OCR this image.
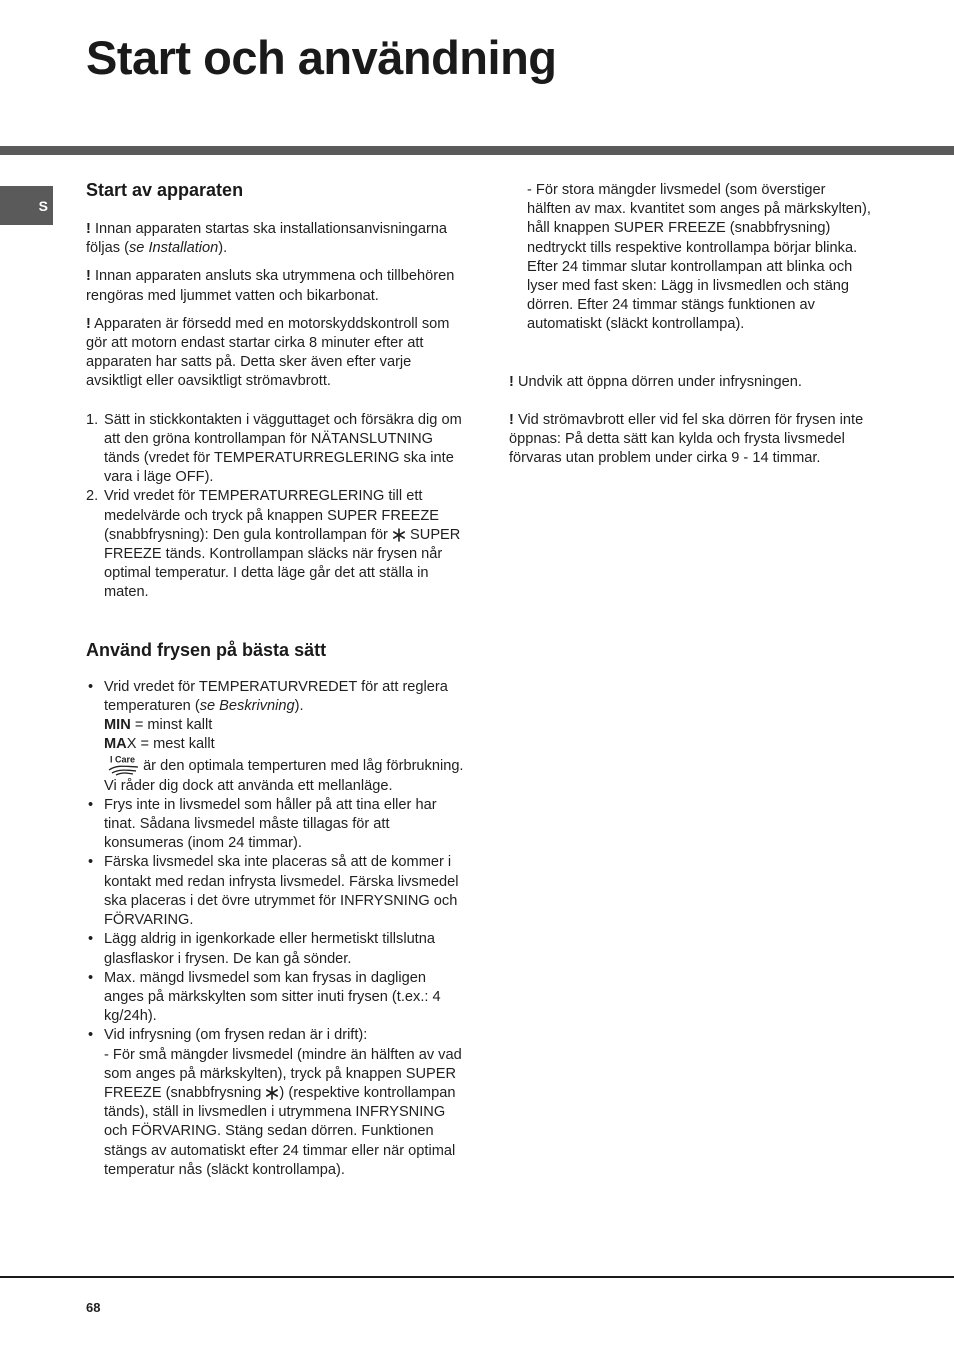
Start och användning
S
Start av apparaten

! Innan apparaten startas ska installationsanvisningarna följas (se Installation).

! Innan apparaten ansluts ska utrymmena och tillbehören rengöras med ljummet vatten och bikarbonat.

! Apparaten är försedd med en motorskyddskontroll som gör att motorn endast startar cirka 8 minuter efter att apparaten har satts på. Detta sker även efter varje avsiktligt eller oavsiktligt strömavbrott.

1. Sätt in stickkontakten i vägguttaget och försäkra dig om att den gröna kontrollampan för NÄTANSLUTNING tänds (vredet för TEMPERATURREGLERING ska inte vara i läge OFF).
2. Vrid vredet för TEMPERATURREGLERING till ett medelvärde och tryck på knappen SUPER FREEZE (snabbfrysning): Den gula kontrollampan för SUPER FREEZE tänds. Kontrollampan släcks när frysen når optimal temperatur. I detta läge går det att ställa in maten.
Använd frysen på bästa sätt
• Vrid vredet för TEMPERATURVREDET för att reglera temperaturen (se Beskrivning).
MIN = minst kallt
MAX = mest kallt

I Care är den optimala temperturen med låg förbrukning. Vi råder dig dock att använda ett mellanläge.
• Frys inte in livsmedel som håller på att tina eller har tinat. Sådana livsmedel måste tillagas för att konsumeras (inom 24 timmar).
• Färska livsmedel ska inte placeras så att de kommer i kontakt med redan infrysta livsmedel. Färska livsmedel ska placeras i det övre utrymmet för INFRYSNING och FÖRVARING.
• Lägg aldrig in igenkorkade eller hermetiskt tillslutna glasflaskor i frysen. De kan gå sönder.
• Max. mängd livsmedel som kan frysas in dagligen anges på märkskylten som sitter inuti frysen (t.ex.: 4 kg/24h).
• Vid infrysning (om frysen redan är i drift):
- För små mängder livsmedel (mindre än hälften av vad som anges på märkskylten), tryck på knappen SUPER FREEZE (snabbfrysning ) (respektive kontrollampan tänds), ställ in livsmedlen i utrymmena INFRYSNING och FÖRVARING. Stäng sedan dörren. Funktionen stängs av automatiskt efter 24 timmar eller när optimal temperatur nås (släckt kontrollampa).

- För stora mängder livsmedel (som överstiger hälften av max. kvantitet som anges på märkskylten), håll knappen SUPER FREEZE (snabbfrysning) nedtryckt tills respektive kontrollampa börjar blinka. Efter 24 timmar slutar kontrollampan att blinka och lyser med fast sken: Lägg in livsmedlen och stäng dörren. Efter 24 timmar stängs funktionen av automatiskt (släckt kontrollampa).

! Undvik att öppna dörren under infrysningen.

! Vid strömavbrott eller vid fel ska dörren för frysen inte öppnas: På detta sätt kan kylda och frysta livsmedel förvaras utan problem under cirka 9 - 14 timmar.

68
